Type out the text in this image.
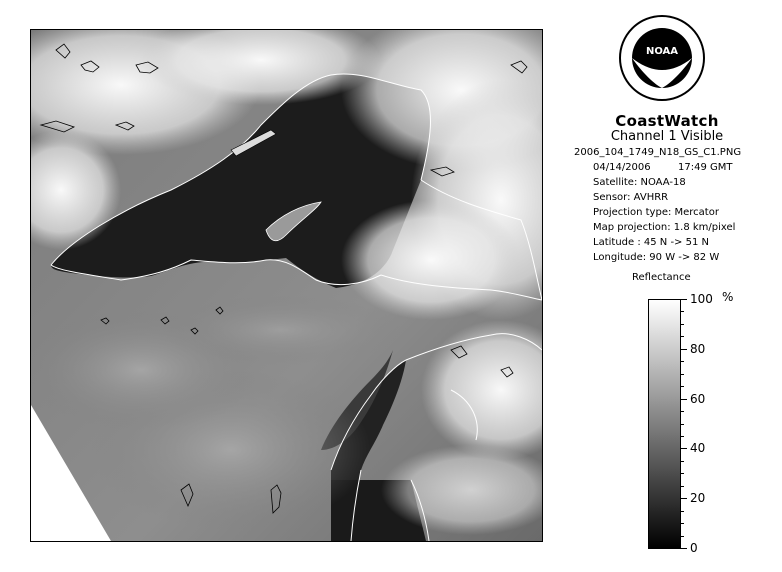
NOAA
CoastWatch
Channel 1 Visible
2006_104_1749_N18_GS_C1.PNG
04/14/2006	17:49 GMT
Satellite: NOAA-18
Sensor: AVHRR
Projection type: Mercator
Map projection: 1.8 km/pixel
Latitude : 45 N -> 51 N
Longitude: 90 W -> 82 W
Reflectance
%
100
80
60
40
20
0
